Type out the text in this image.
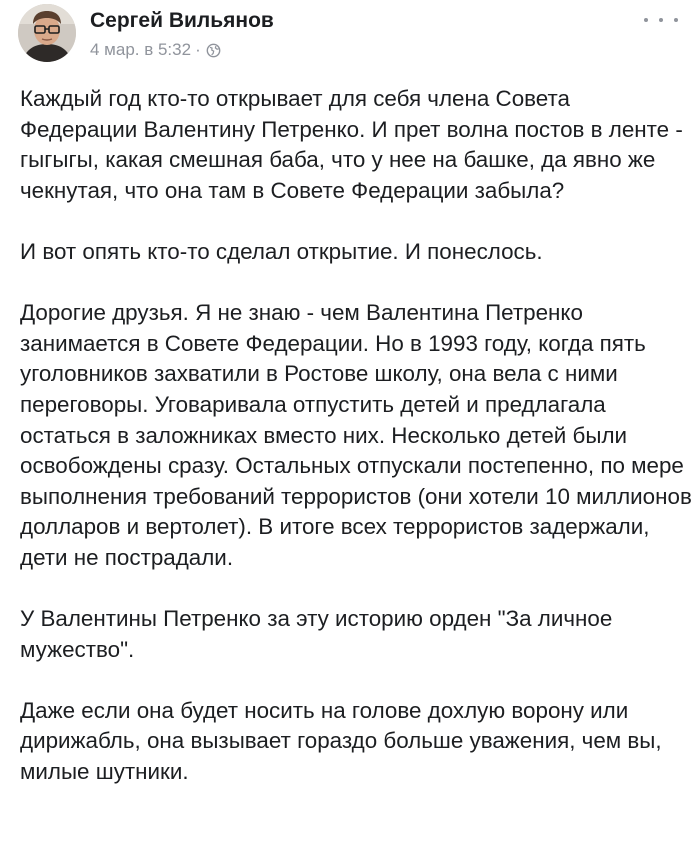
Сергей Вильянов
4 мар. в 5:32 ·

Каждый год кто-то открывает для себя члена Совета Федерации Валентину Петренко. И прет волна постов в ленте - гыгыгы, какая смешная баба, что у нее на башке, да явно же чекнутая, что она там в Совете Федерации забыла?

И вот опять кто-то сделал открытие. И понеслось.

Дорогие друзья. Я не знаю - чем Валентина Петренко занимается в Совете Федерации. Но в 1993 году, когда пять уголовников захватили в Ростове школу, она вела с ними переговоры. Уговаривала отпустить детей и предлагала остаться в заложниках вместо них. Несколько детей были освобождены сразу. Остальных отпускали постепенно, по мере выполнения требований террористов (они хотели 10 миллионов долларов и вертолет). В итоге всех террористов задержали, дети не пострадали.

У Валентины Петренко за эту историю орден "За личное мужество".

Даже если она будет носить на голове дохлую ворону или дирижабль, она вызывает гораздо больше уважения, чем вы, милые шутники.
